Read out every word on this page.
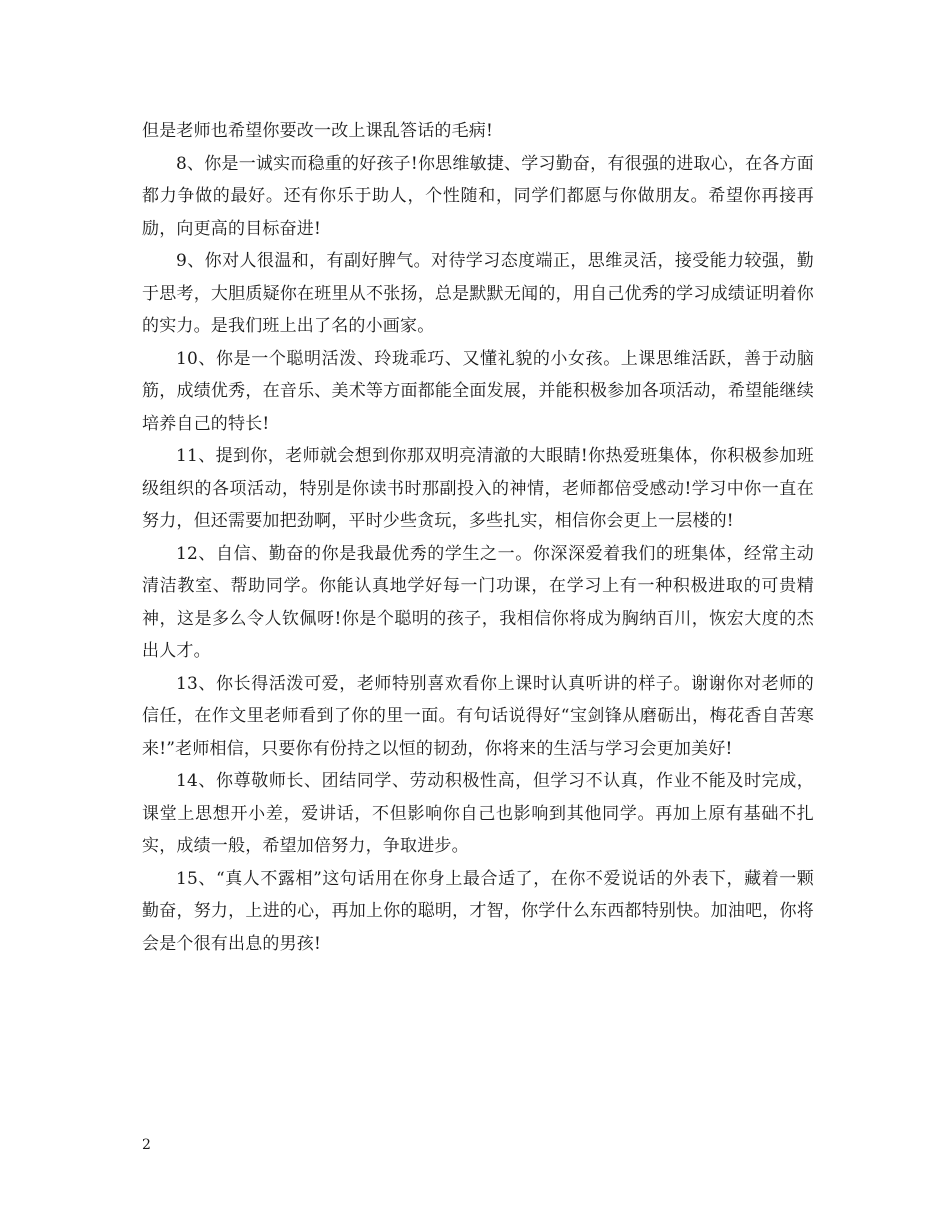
但是老师也希望你要改一改上课乱答话的毛病!

8、你是一诚实而稳重的好孩子!你思维敏捷、学习勤奋，有很强的进取心，在各方面都力争做的最好。还有你乐于助人，个性随和，同学们都愿与你做朋友。希望你再接再励，向更高的目标奋进!

9、你对人很温和，有副好脾气。对待学习态度端正，思维灵活，接受能力较强，勤于思考，大胆质疑你在班里从不张扬，总是默默无闻的，用自己优秀的学习成绩证明着你的实力。是我们班上出了名的小画家。

10、你是一个聪明活泼、玲珑乖巧、又懂礼貌的小女孩。上课思维活跃，善于动脑筋，成绩优秀，在音乐、美术等方面都能全面发展，并能积极参加各项活动，希望能继续培养自己的特长!

11、提到你，老师就会想到你那双明亮清澈的大眼睛!你热爱班集体，你积极参加班级组织的各项活动，特别是你读书时那副投入的神情，老师都倍受感动!学习中你一直在努力，但还需要加把劲啊，平时少些贪玩，多些扎实，相信你会更上一层楼的!

12、自信、勤奋的你是我最优秀的学生之一。你深深爱着我们的班集体，经常主动清洁教室、帮助同学。你能认真地学好每一门功课，在学习上有一种积极进取的可贵精神，这是多么令人钦佩呀!你是个聪明的孩子，我相信你将成为胸纳百川，恢宏大度的杰出人才。

13、你长得活泼可爱，老师特别喜欢看你上课时认真听讲的样子。谢谢你对老师的信任，在作文里老师看到了你的里一面。有句话说得好“宝剑锋从磨砺出，梅花香自苦寒来!”老师相信，只要你有份持之以恒的韧劲，你将来的生活与学习会更加美好!

14、你尊敬师长、团结同学、劳动积极性高，但学习不认真，作业不能及时完成，课堂上思想开小差，爱讲话，不但影响你自己也影响到其他同学。再加上原有基础不扎实，成绩一般，希望加倍努力，争取进步。

15、“真人不露相”这句话用在你身上最合适了，在你不爱说话的外表下，藏着一颗勤奋，努力，上进的心，再加上你的聪明，才智，你学什么东西都特别快。加油吧，你将会是个很有出息的男孩!

2
